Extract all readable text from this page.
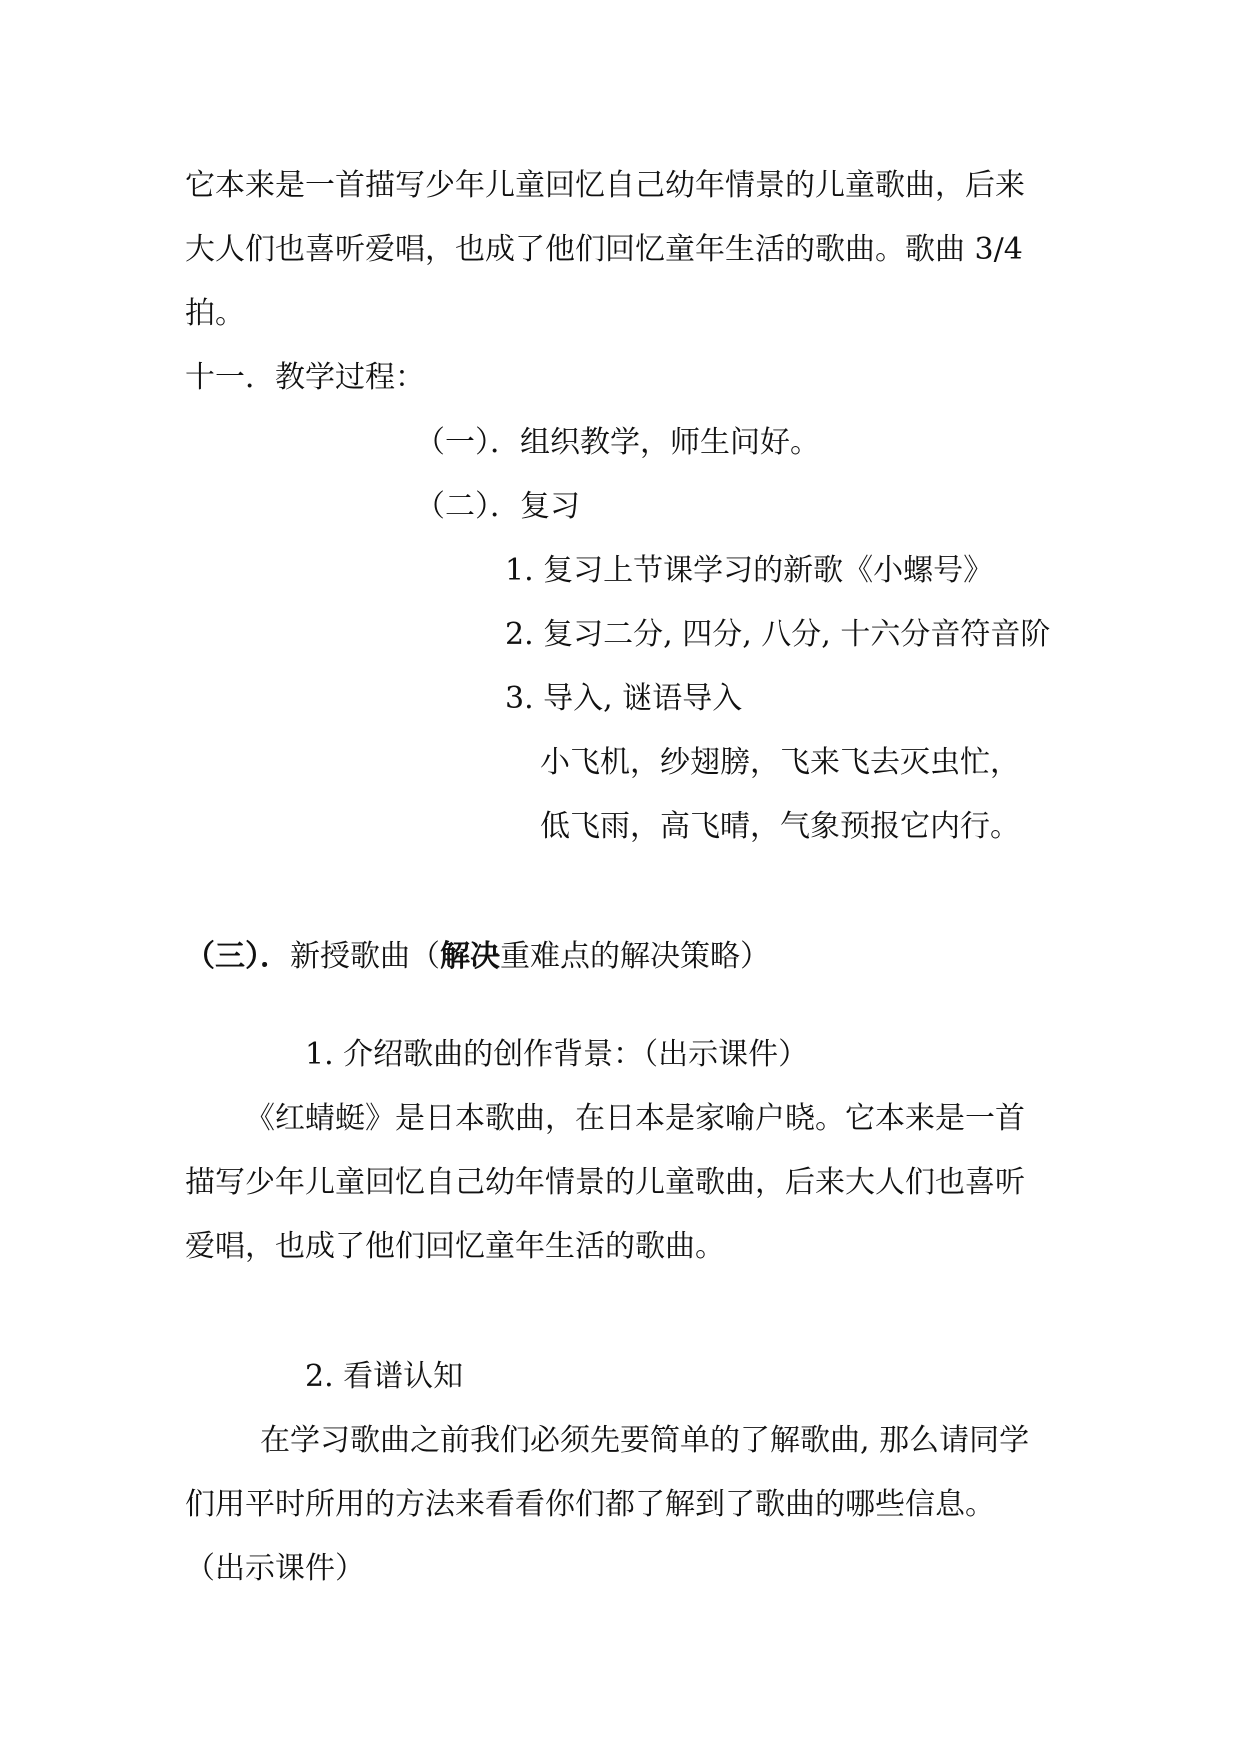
它本来是一首描写少年儿童回忆自己幼年情景的儿童歌曲，后来
大人们也喜听爱唱，也成了他们回忆童年生活的歌曲。歌曲 3/4
拍。
十一．教学过程：
（一）．组织教学，师生问好。
（二）．复习
1. 复习上节课学习的新歌《小螺号》
2. 复习二分, 四分, 八分, 十六分音符音阶
3. 导入, 谜语导入
小飞机，纱翅膀，飞来飞去灭虫忙，
低飞雨，高飞晴，气象预报它内行。
（三）．新授歌曲（解决重难点的解决策略）
1. 介绍歌曲的创作背景：（出示课件）
《红蜻蜓》是日本歌曲，在日本是家喻户晓。它本来是一首
描写少年儿童回忆自己幼年情景的儿童歌曲，后来大人们也喜听
爱唱，也成了他们回忆童年生活的歌曲。
2. 看谱认知
在学习歌曲之前我们必须先要简单的了解歌曲, 那么请同学
们用平时所用的方法来看看你们都了解到了歌曲的哪些信息。
（出示课件）
